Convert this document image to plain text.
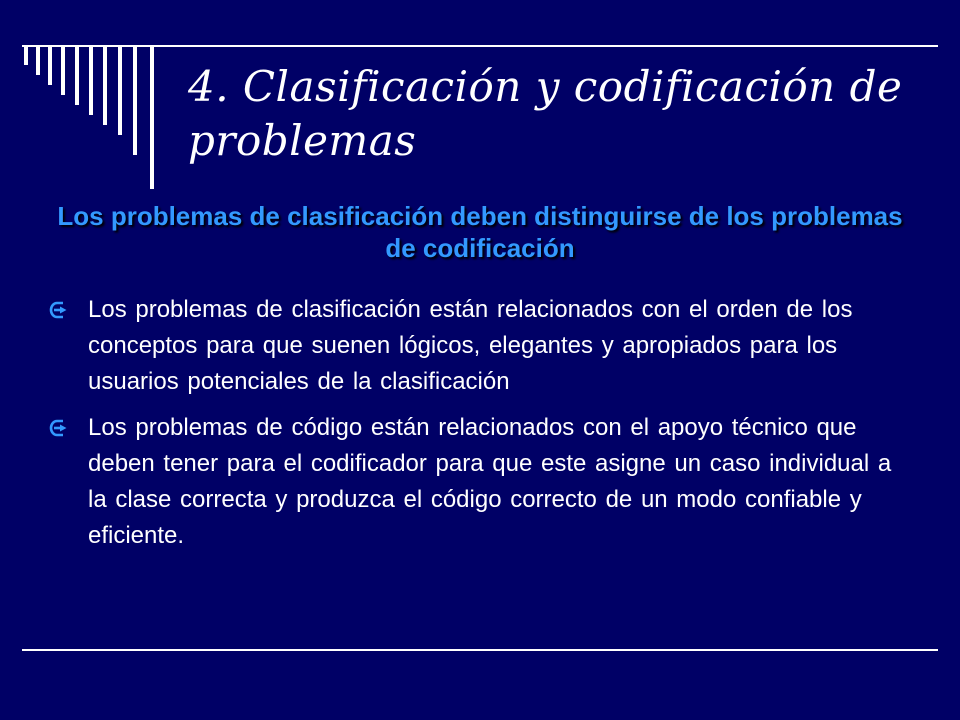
4. Clasificación y codificación de problemas
Los problemas de clasificación deben distinguirse de los problemas de codificación
Los problemas de clasificación están relacionados con el orden de los conceptos para que suenen lógicos, elegantes y apropiados para los usuarios potenciales de la clasificación
Los problemas de código están relacionados con el apoyo técnico que deben tener para el codificador para que este asigne un caso individual a la clase correcta y produzca el código correcto de un modo confiable y eficiente.
